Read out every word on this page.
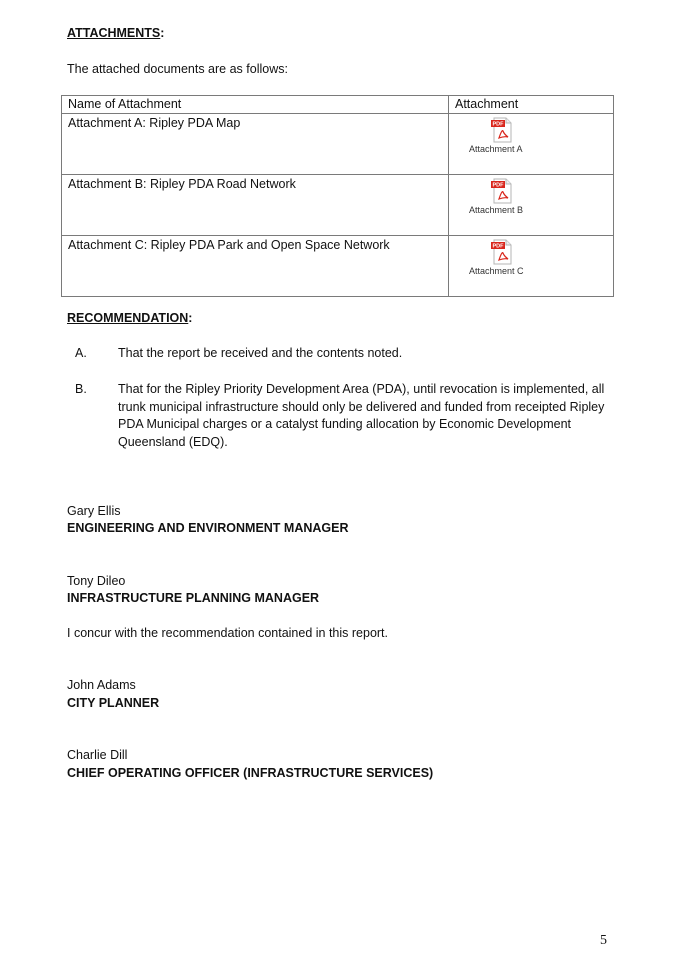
ATTACHMENTS:
The attached documents are as follows:
Name of Attachment	Attachment
Attachment A: Ripley PDA Map	PDF
Attachment A

Attachment B: Ripley PDA Road Network	PDF
Attachment B

Attachment C: Ripley PDA Park and Open Space Network	PDF
Attachment C
RECOMMENDATION:
A. That the report be received and the contents noted.
B. That for the Ripley Priority Development Area (PDA), until revocation is implemented, all trunk municipal infrastructure should only be delivered and funded from receipted Ripley PDA Municipal charges or a catalyst funding allocation by Economic Development Queensland (EDQ).
Gary Ellis
ENGINEERING AND ENVIRONMENT MANAGER
Tony Dileo
INFRASTRUCTURE PLANNING MANAGER
I concur with the recommendation contained in this report.
John Adams
CITY PLANNER
Charlie Dill
CHIEF OPERATING OFFICER (INFRASTRUCTURE SERVICES)
5
